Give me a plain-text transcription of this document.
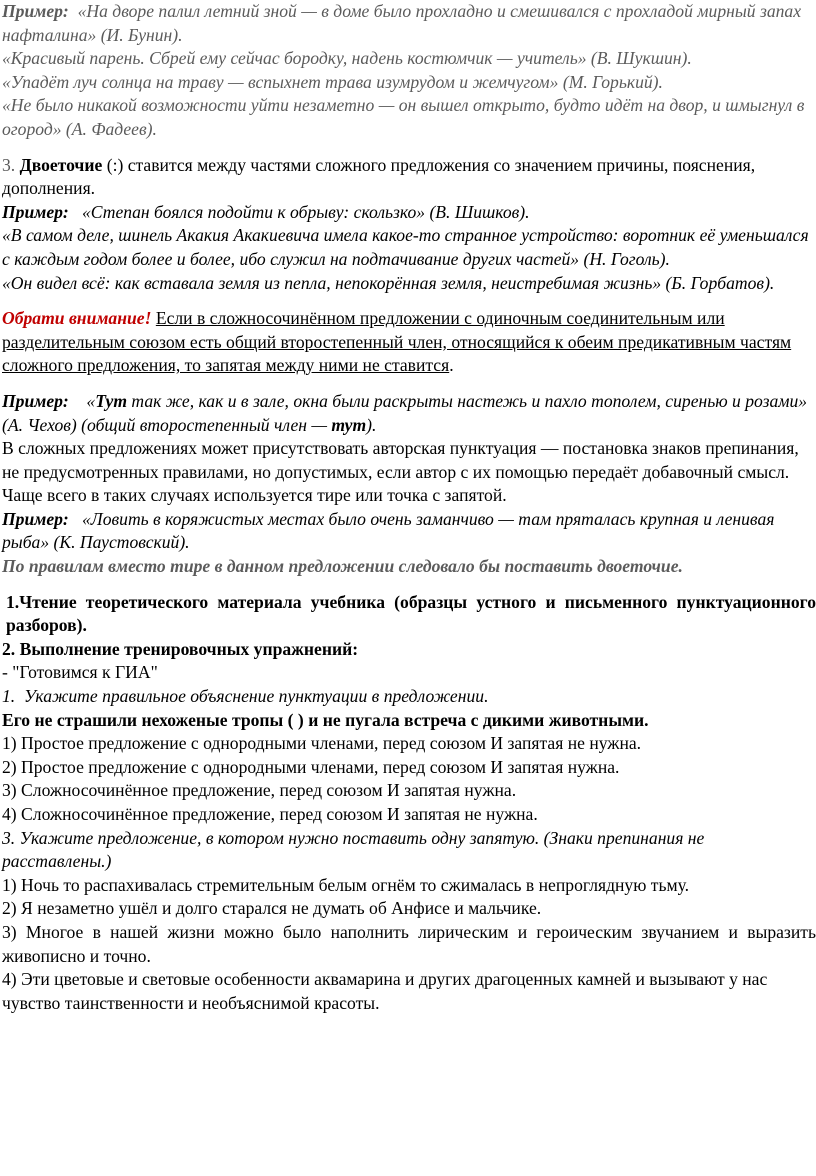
Пример: «На дворе палил летний зной — в доме было прохладно и смешивался с прохладой мирный запах нафталина» (И. Бунин).

«Красивый парень. Сбрей ему сейчас бородку, надень костюмчик — учитель» (В. Шукшин).

«Упадёт луч солнца на траву — вспыхнет трава изумрудом и жемчугом» (М. Горький).

«Не было никакой возможности уйти незаметно — он вышел открыто, будто идёт на двор, и шмыгнул в огород» (А. Фадеев).

3. Двоеточие (:) ставится между частями сложного предложения со значением причины, пояснения, дополнения.

Пример: «Степан боялся подойти к обрыву: скользко» (В. Шишков).

«В самом деле, шинель Акакия Акакиевича имела какое-то странное устройство: воротник её уменьшался с каждым годом более и более, ибо служил на подтачивание других частей» (Н. Гоголь).

«Он видел всё: как вставала земля из пепла, непокорённая земля, неистребимая жизнь» (Б. Горбатов).

Обрати внимание! Если в сложносочинённом предложении с одиночным соединительным или разделительным союзом есть общий второстепенный член, относящийся к обеим предикативным частям сложного предложения, то запятая между ними не ставится.

Пример: «Тут так же, как и в зале, окна были раскрыты настежь и пахло тополем, сиренью и розами» (А. Чехов) (общий второстепенный член — тут).

В сложных предложениях может присутствовать авторская пунктуация — постановка знаков препинания, не предусмотренных правилами, но допустимых, если автор с их помощью передаёт добавочный смысл. Чаще всего в таких случаях используется тире или точка с запятой.

Пример: «Ловить в коряжистых местах было очень заманчиво — там пряталась крупная и ленивая рыба» (К. Паустовский).

По правилам вместо тире в данном предложении следовало бы поставить двоеточие.

1.Чтение теоретического материала учебника (образцы устного и письменного пунктуационного разборов).

2. Выполнение тренировочных упражнений:

- "Готовимся к ГИА"

1. Укажите правильное объяснение пунктуации в предложении.

Его не страшили нехоженые тропы ( ) и не пугала встреча с дикими животными.

1) Простое предложение с однородными членами, перед союзом И запятая не нужна.

2) Простое предложение с однородными членами, перед союзом И запятая нужна.

3) Сложносочинённое предложение, перед союзом И запятая нужна.

4) Сложносочинённое предложение, перед союзом И запятая не нужна.

3. Укажите предложение, в котором нужно поставить одну запятую. (Знаки препинания не расставлены.)

1) Ночь то распахивалась стремительным белым огнём то сжималась в непроглядную тьму.

2) Я незаметно ушёл и долго старался не думать об Анфисе и мальчике.

3) Многое в нашей жизни можно было наполнить лирическим и героическим звучанием и выразить живописно и точно.

4) Эти цветовые и световые особенности аквамарина и других драгоценных камней и вызывают у нас чувство таинственности и необъяснимой красоты.
